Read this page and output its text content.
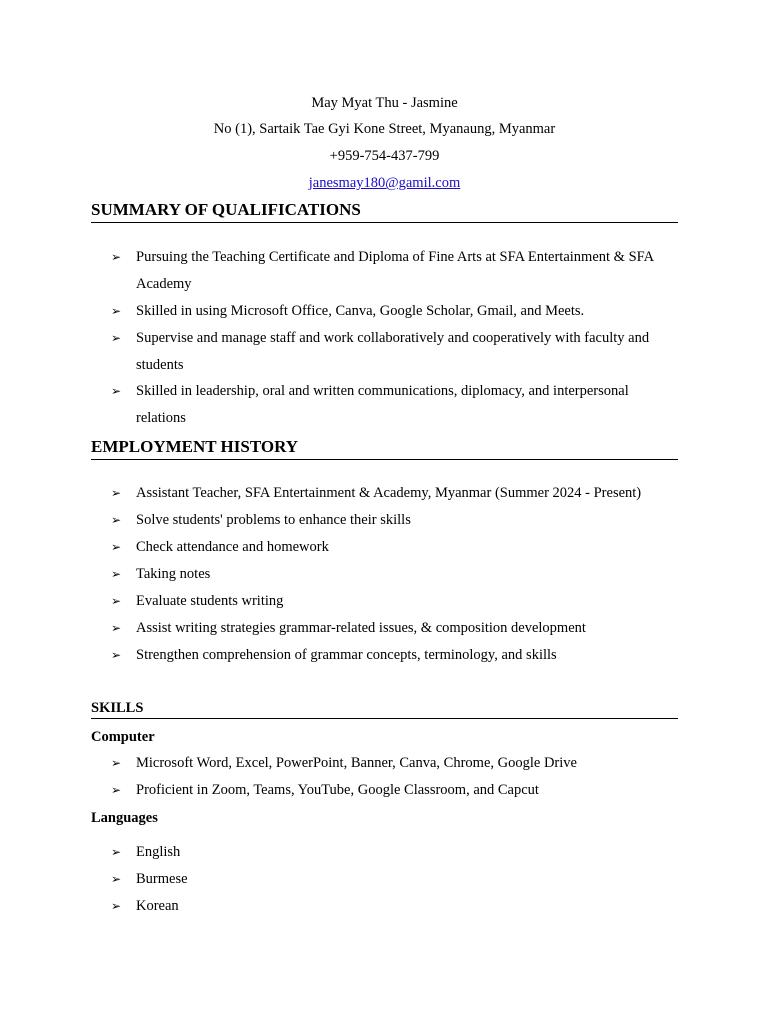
May Myat Thu - Jasmine
No (1), Sartaik Tae Gyi Kone Street, Myanaung, Myanmar
+959-754-437-799
janesmay180@gamil.com
SUMMARY OF QUALIFICATIONS
➢ Pursuing the Teaching Certificate and Diploma of Fine Arts at SFA Entertainment & SFA Academy
➢ Skilled in using Microsoft Office, Canva, Google Scholar, Gmail, and Meets.
➢ Supervise and manage staff and work collaboratively and cooperatively with faculty and students
➢ Skilled in leadership, oral and written communications, diplomacy, and interpersonal relations
EMPLOYMENT HISTORY
➢ Assistant Teacher, SFA Entertainment & Academy, Myanmar (Summer 2024 - Present)
➢ Solve students' problems to enhance their skills
➢ Check attendance and homework
➢ Taking notes
➢ Evaluate students writing
➢ Assist writing strategies grammar-related issues, & composition development
➢ Strengthen comprehension of grammar concepts, terminology, and skills
SKILLS
Computer
➢ Microsoft Word, Excel, PowerPoint, Banner, Canva, Chrome, Google Drive
➢ Proficient in Zoom, Teams, YouTube, Google Classroom, and Capcut
Languages
➢ English
➢ Burmese
➢ Korean
